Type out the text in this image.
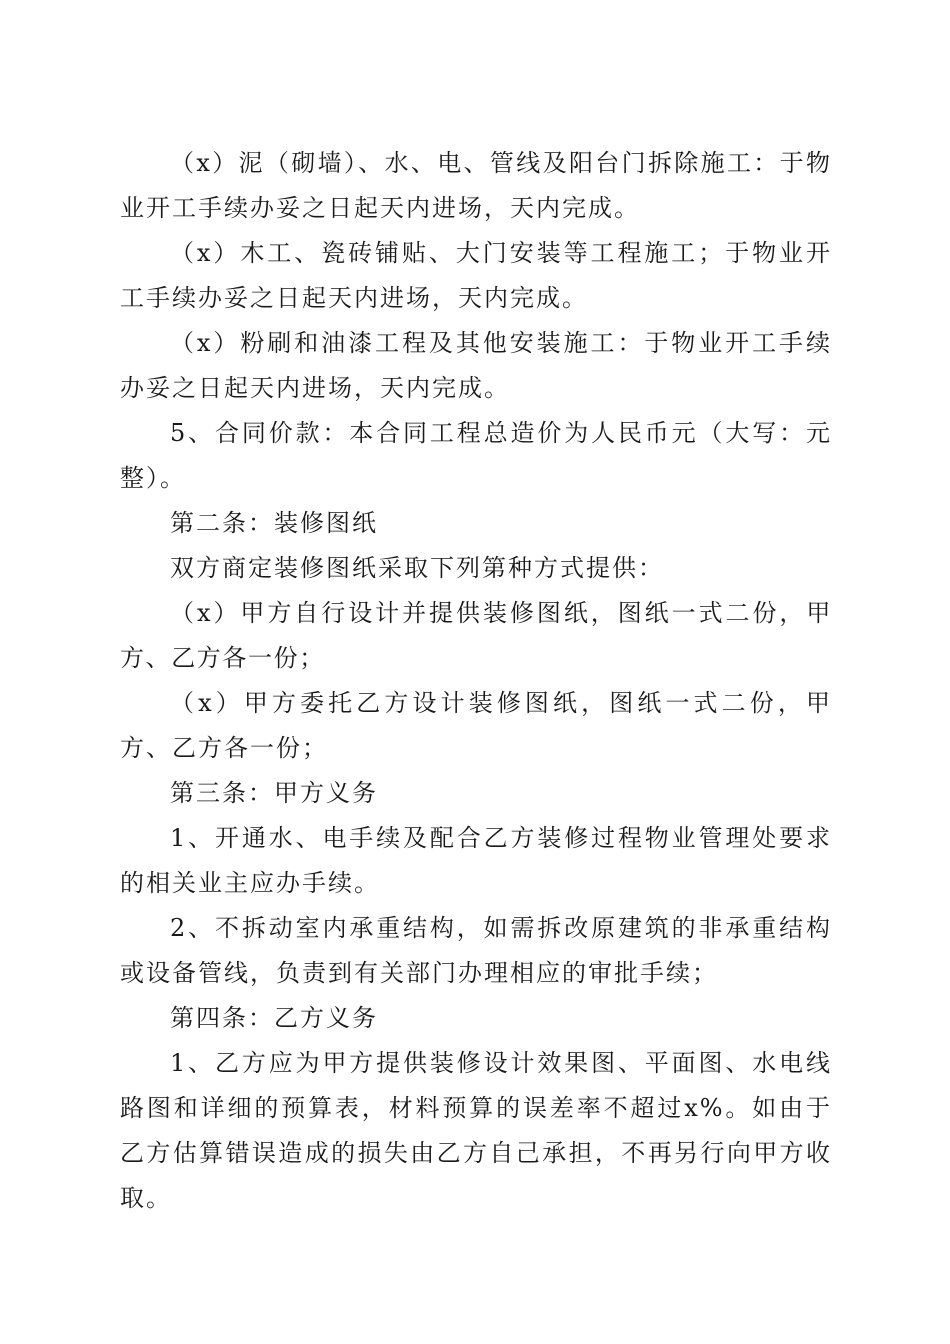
（x）泥（砌墙）、水、电、管线及阳台门拆除施工：于物业开工手续办妥之日起天内进场，天内完成。

（x）木工、瓷砖铺贴、大门安装等工程施工；于物业开工手续办妥之日起天内进场，天内完成。

（x）粉刷和油漆工程及其他安装施工：于物业开工手续办妥之日起天内进场，天内完成。

5、合同价款：本合同工程总造价为人民币元（大写：元整）。

第二条：装修图纸

双方商定装修图纸采取下列第种方式提供：

（x）甲方自行设计并提供装修图纸，图纸一式二份，甲方、乙方各一份；

（x）甲方委托乙方设计装修图纸，图纸一式二份，甲方、乙方各一份；

第三条：甲方义务

1、开通水、电手续及配合乙方装修过程物业管理处要求的相关业主应办手续。

2、不拆动室内承重结构，如需拆改原建筑的非承重结构或设备管线，负责到有关部门办理相应的审批手续；

第四条：乙方义务

1、乙方应为甲方提供装修设计效果图、平面图、水电线路图和详细的预算表，材料预算的误差率不超过x%。如由于乙方估算错误造成的损失由乙方自己承担，不再另行向甲方收取。
